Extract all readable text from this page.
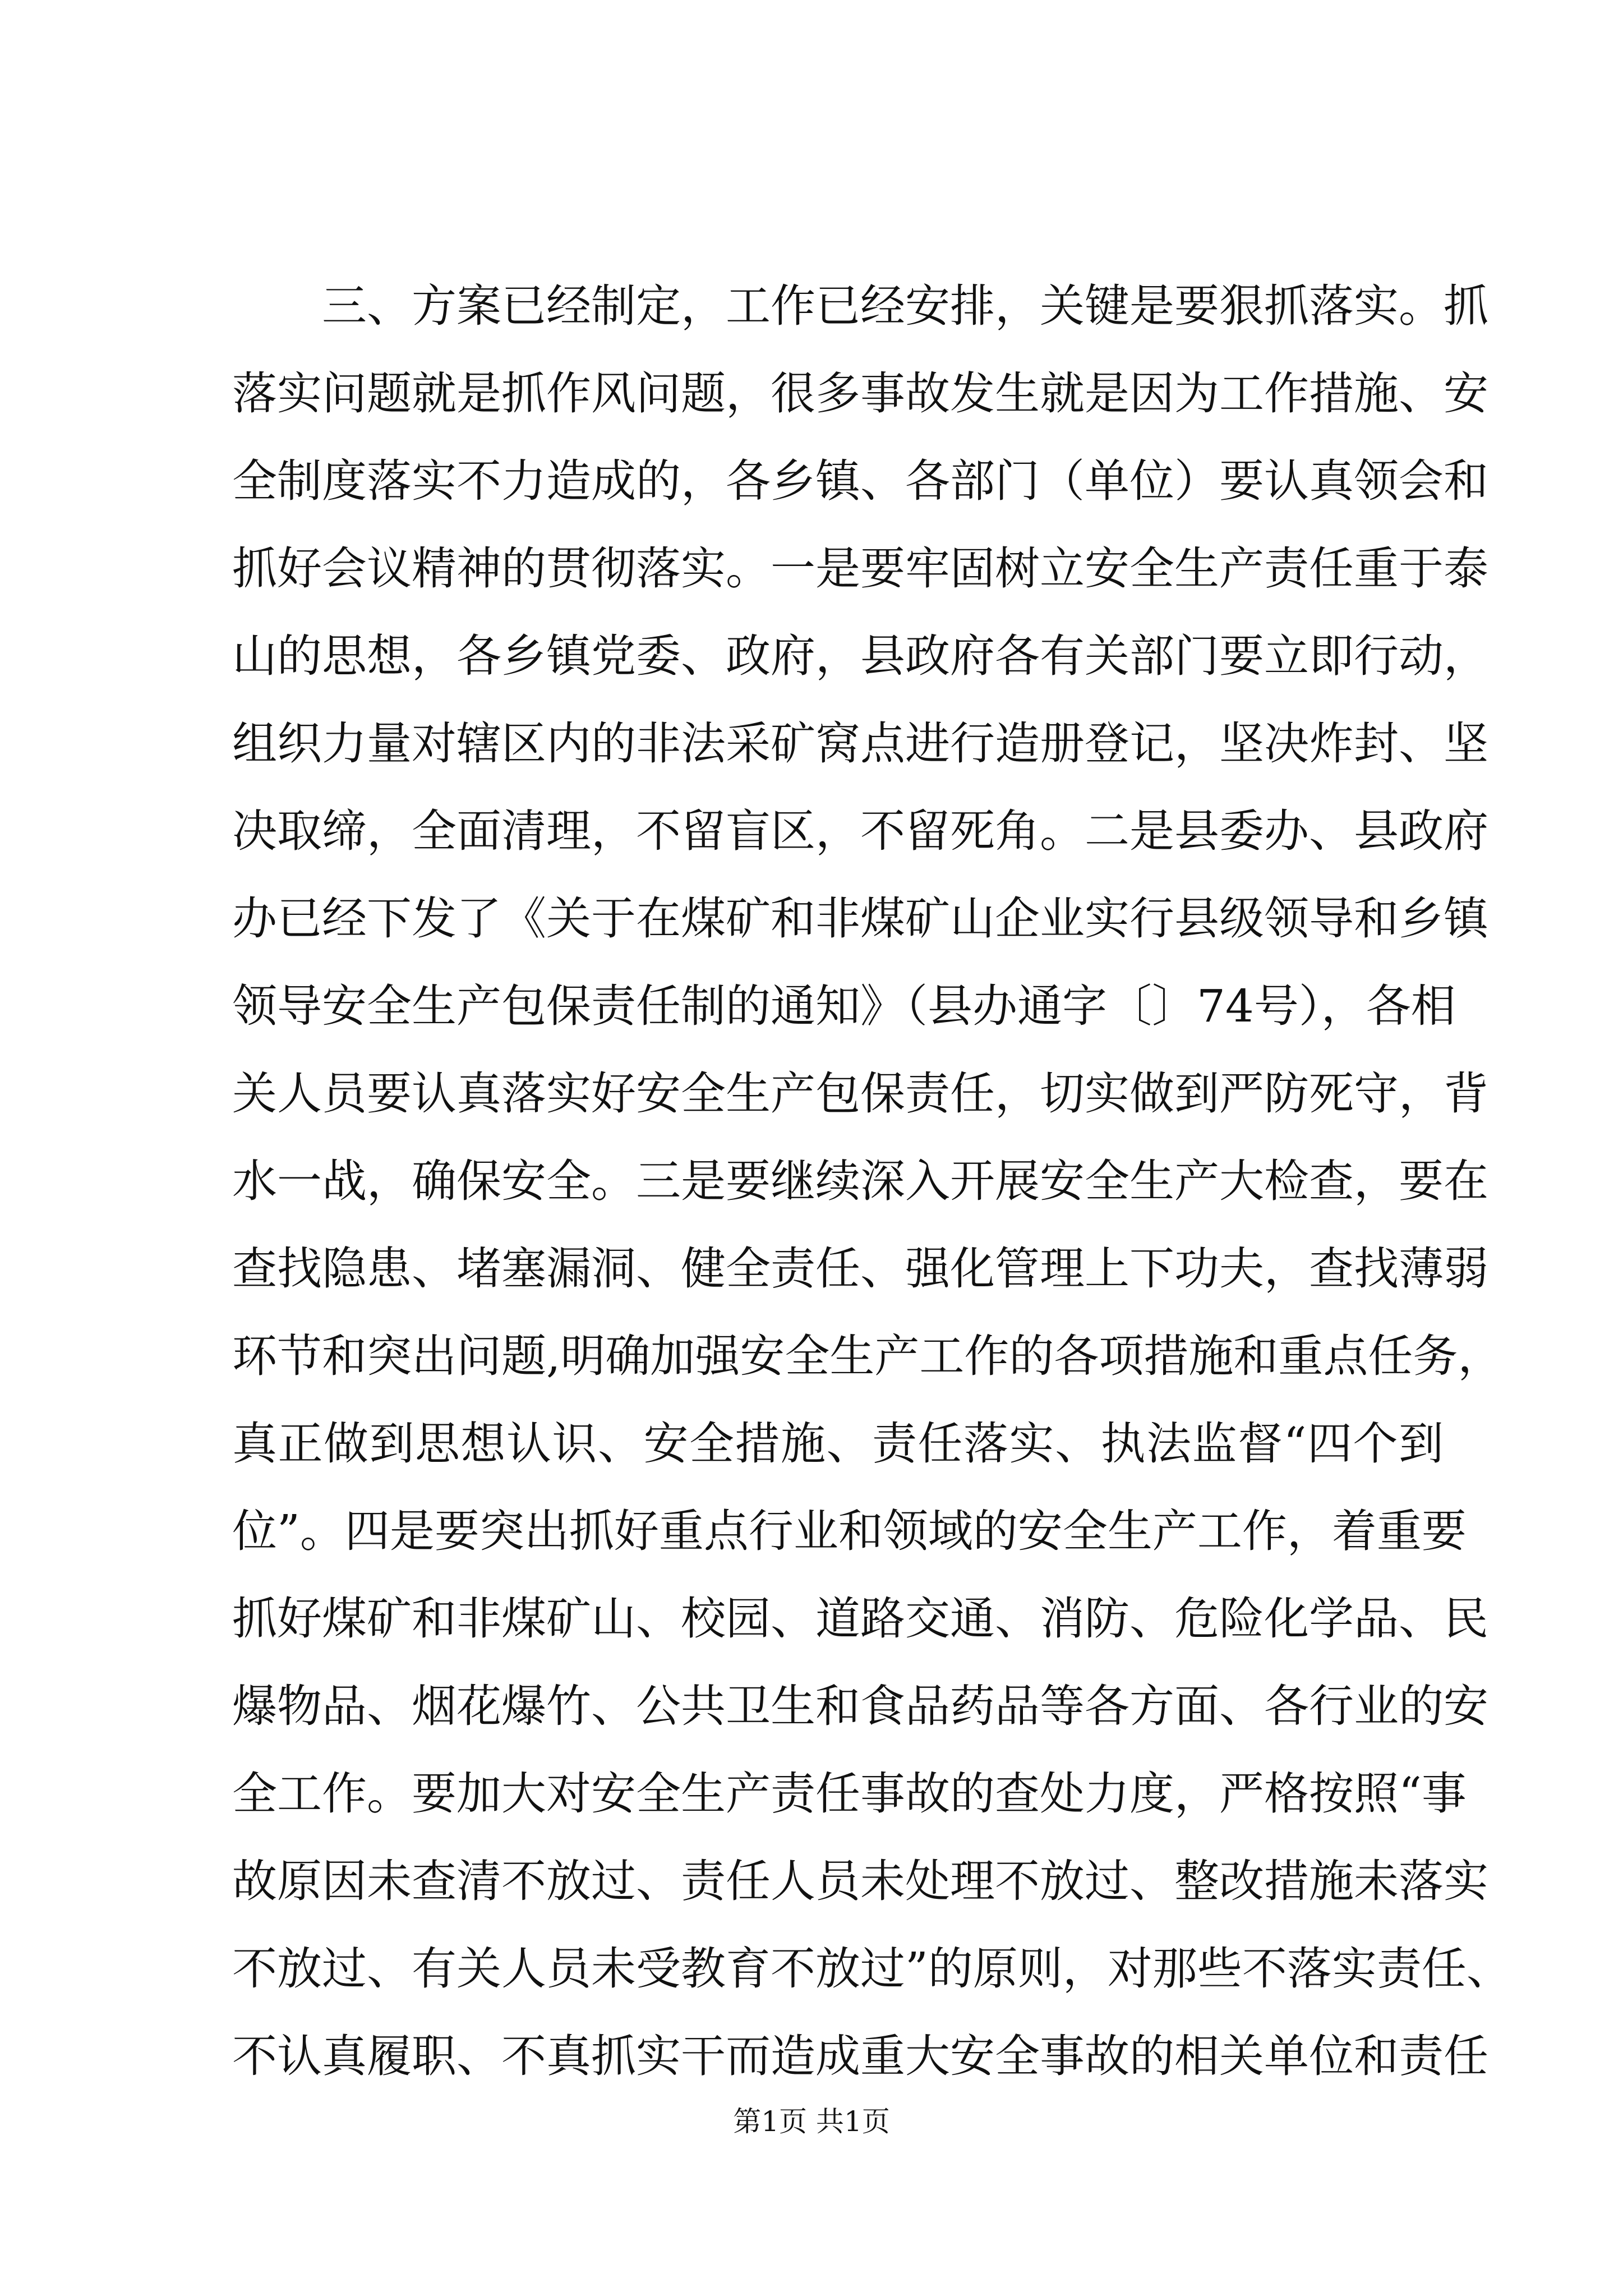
三、方案已经制定，工作已经安排，关键是要狠抓落实。抓
落实问题就是抓作风问题，很多事故发生就是因为工作措施、安
全制度落实不力造成的，各乡镇、各部门（单位）要认真领会和
抓好会议精神的贯彻落实。一是要牢固树立安全生产责任重于泰
山的思想，各乡镇党委、政府，县政府各有关部门要立即行动，
组织力量对辖区内的非法采矿窝点进行造册登记，坚决炸封、坚
决取缔，全面清理，不留盲区，不留死角。二是县委办、县政府
办已经下发了《关于在煤矿和非煤矿山企业实行县级领导和乡镇
领导安全生产包保责任制的通知》（县办通字〔〕74号），各相
关人员要认真落实好安全生产包保责任，切实做到严防死守，背
水一战，确保安全。三是要继续深入开展安全生产大检查，要在
查找隐患、堵塞漏洞、健全责任、强化管理上下功夫，查找薄弱
环节和突出问题,明确加强安全生产工作的各项措施和重点任务，
真正做到思想认识、安全措施、责任落实、执法监督“四个到
位”。四是要突出抓好重点行业和领域的安全生产工作，着重要
抓好煤矿和非煤矿山、校园、道路交通、消防、危险化学品、民
爆物品、烟花爆竹、公共卫生和食品药品等各方面、各行业的安
全工作。要加大对安全生产责任事故的查处力度，严格按照“事
故原因未查清不放过、责任人员未处理不放过、整改措施未落实
不放过、有关人员未受教育不放过”的原则，对那些不落实责任、
不认真履职、不真抓实干而造成重大安全事故的相关单位和责任
第1页 共1页
